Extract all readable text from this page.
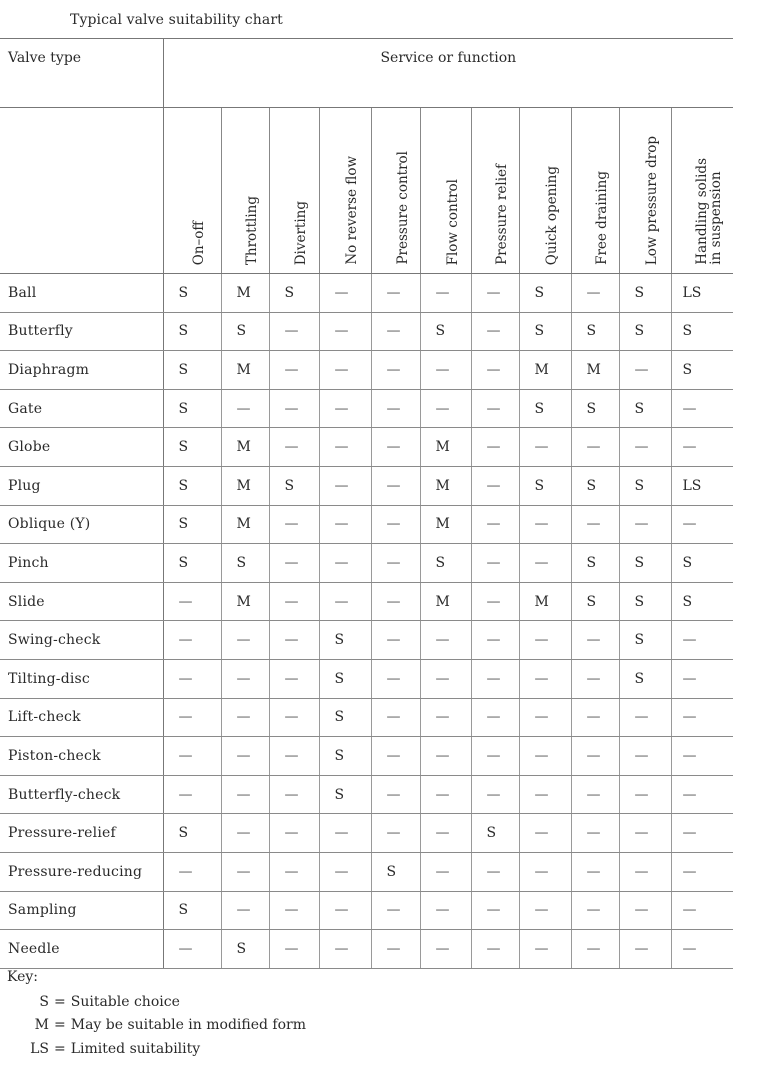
Typical valve suitability chart
Valve type	Service or function										
	On–off	Throttling	Diverting	No reverse flow	Pressure control	Flow control	Pressure relief	Quick opening	Free draining	Low pressure drop	Handling solids
in suspension
Ball	S	M	S	—	—	—	—	S	—	S	LS
Butterfly	S	S	—	—	—	S	—	S	S	S	S
Diaphragm	S	M	—	—	—	—	—	M	M	—	S
Gate	S	—	—	—	—	—	—	S	S	S	—
Globe	S	M	—	—	—	M	—	—	—	—	—
Plug	S	M	S	—	—	M	—	S	S	S	LS
Oblique (Y)	S	M	—	—	—	M	—	—	—	—	—
Pinch	S	S	—	—	—	S	—	—	S	S	S
Slide	—	M	—	—	—	M	—	M	S	S	S
Swing-check	—	—	—	S	—	—	—	—	—	S	—
Tilting-disc	—	—	—	S	—	—	—	—	—	S	—
Lift-check	—	—	—	S	—	—	—	—	—	—	—
Piston-check	—	—	—	S	—	—	—	—	—	—	—
Butterfly-check	—	—	—	S	—	—	—	—	—	—	—
Pressure-relief	S	—	—	—	—	—	S	—	—	—	—
Pressure-reducing	—	—	—	—	S	—	—	—	—	—	—
Sampling	S	—	—	—	—	—	—	—	—	—	—
Needle	—	S	—	—	—	—	—	—	—	—	—
Key:
S = Suitable choice
M = May be suitable in modified form
LS = Limited suitability
